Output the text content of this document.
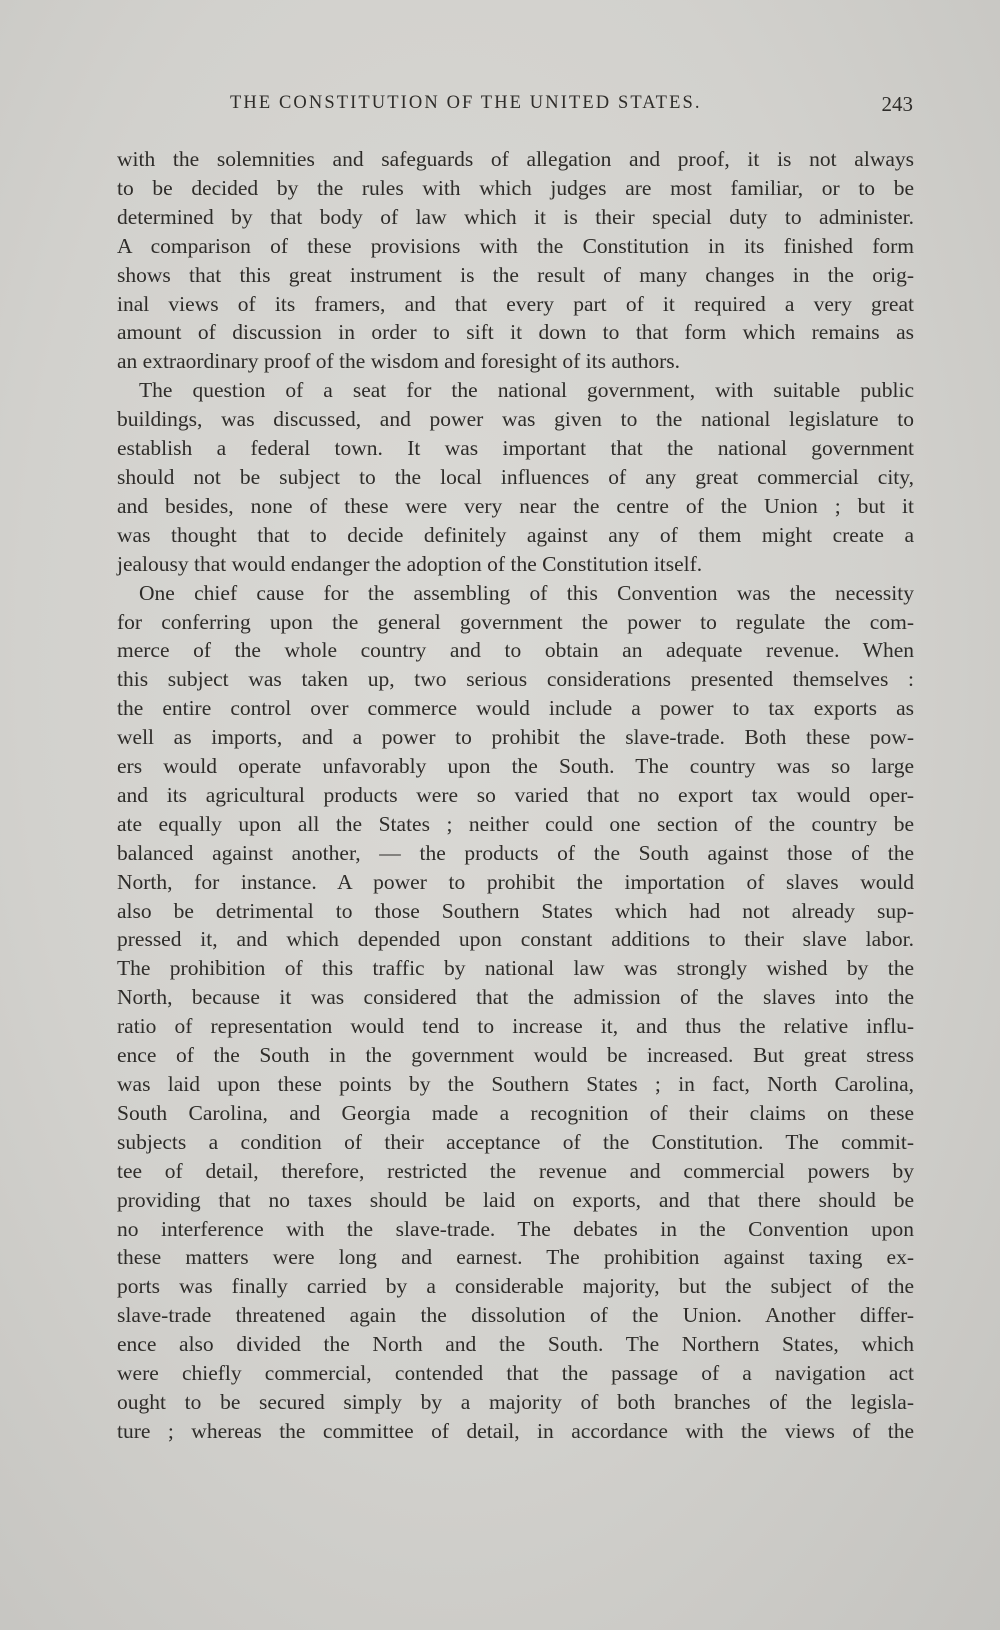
THE CONSTITUTION OF THE UNITED STATES.	243
with the solemnities and safeguards of allegation and proof, it is not always
to be decided by the rules with which judges are most familiar, or to be
determined by that body of law which it is their special duty to administer.
A comparison of these provisions with the Constitution in its finished form
shows that this great instrument is the result of many changes in the orig-
inal views of its framers, and that every part of it required a very great
amount of discussion in order to sift it down to that form which remains as
an extraordinary proof of the wisdom and foresight of its authors.
The question of a seat for the national government, with suitable public
buildings, was discussed, and power was given to the national legislature to
establish a federal town. It was important that the national government
should not be subject to the local influences of any great commercial city,
and besides, none of these were very near the centre of the Union ; but it
was thought that to decide definitely against any of them might create a
jealousy that would endanger the adoption of the Constitution itself.
One chief cause for the assembling of this Convention was the necessity
for conferring upon the general government the power to regulate the com-
merce of the whole country and to obtain an adequate revenue. When
this subject was taken up, two serious considerations presented themselves :
the entire control over commerce would include a power to tax exports as
well as imports, and a power to prohibit the slave-trade. Both these pow-
ers would operate unfavorably upon the South. The country was so large
and its agricultural products were so varied that no export tax would oper-
ate equally upon all the States ; neither could one section of the country be
balanced against another, — the products of the South against those of the
North, for instance. A power to prohibit the importation of slaves would
also be detrimental to those Southern States which had not already sup-
pressed it, and which depended upon constant additions to their slave labor.
The prohibition of this traffic by national law was strongly wished by the
North, because it was considered that the admission of the slaves into the
ratio of representation would tend to increase it, and thus the relative influ-
ence of the South in the government would be increased. But great stress
was laid upon these points by the Southern States ; in fact, North Carolina,
South Carolina, and Georgia made a recognition of their claims on these
subjects a condition of their acceptance of the Constitution. The commit-
tee of detail, therefore, restricted the revenue and commercial powers by
providing that no taxes should be laid on exports, and that there should be
no interference with the slave-trade. The debates in the Convention upon
these matters were long and earnest. The prohibition against taxing ex-
ports was finally carried by a considerable majority, but the subject of the
slave-trade threatened again the dissolution of the Union. Another differ-
ence also divided the North and the South. The Northern States, which
were chiefly commercial, contended that the passage of a navigation act
ought to be secured simply by a majority of both branches of the legisla-
ture ; whereas the committee of detail, in accordance with the views of the
